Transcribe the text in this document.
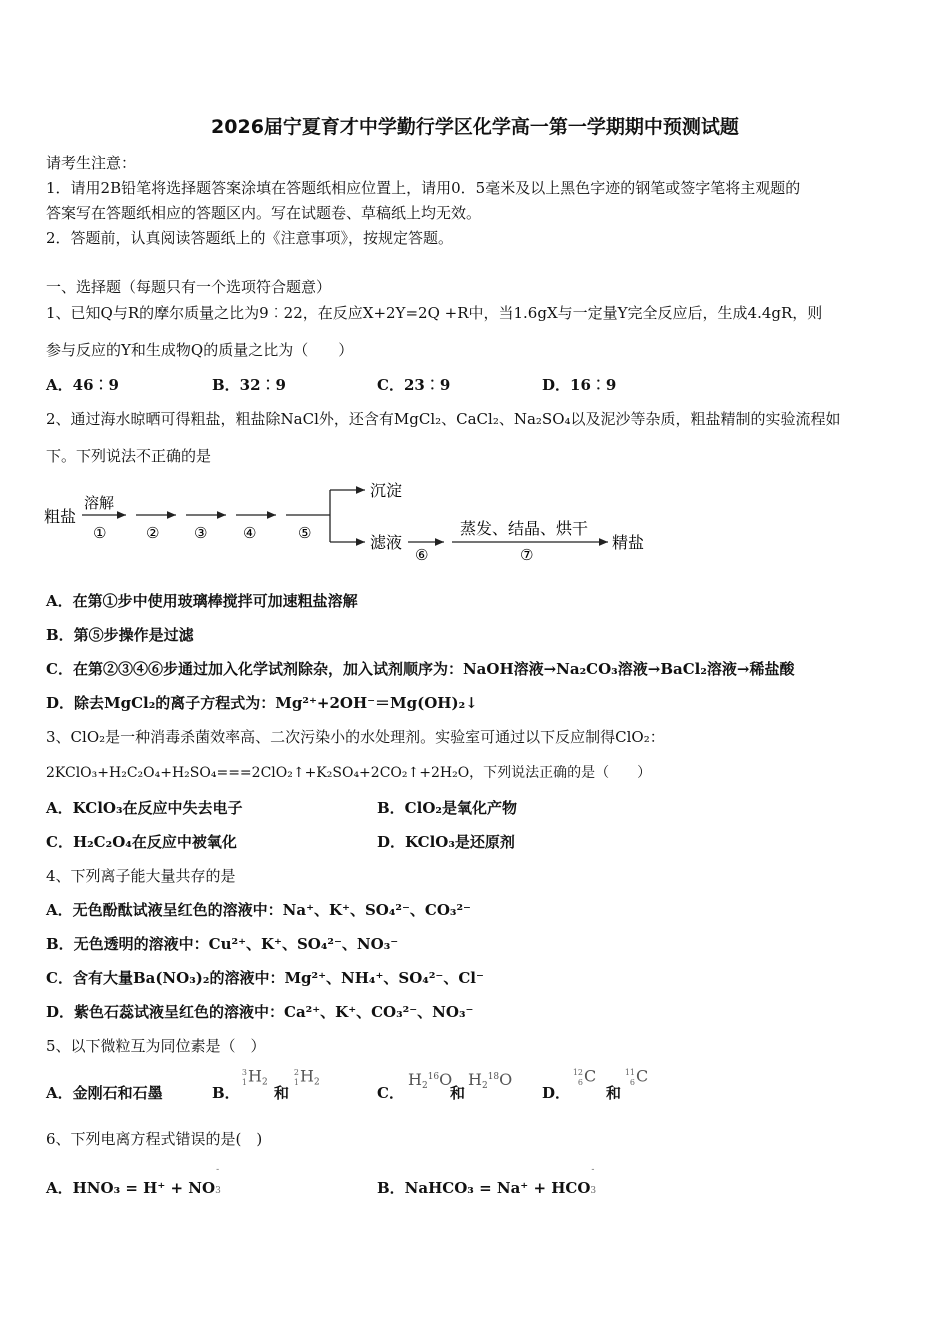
2026届宁夏育才中学勤行学区化学高一第一学期期中预测试题
请考生注意：
1．请用2B铅笔将选择题答案涂填在答题纸相应位置上，请用0．5毫米及以上黑色字迹的钢笔或签字笔将主观题的
答案写在答题纸相应的答题区内。写在试题卷、草稿纸上均无效。
2．答题前，认真阅读答题纸上的《注意事项》，按规定答题。
一、选择题（每题只有一个选项符合题意）
1、已知Q与R的摩尔质量之比为9︰22，在反应X+2Y=2Q +R中，当1.6gX与一定量Y完全反应后，生成4.4gR，则
参与反应的Y和生成物Q的质量之比为（　　）
A．46︰9	B．32︰9	C．23︰9	D．16︰9
2、通过海水晾晒可得粗盐，粗盐除NaCl外，还含有MgCl₂、CaCl₂、Na₂SO₄以及泥沙等杂质，粗盐精制的实验流程如
下。下列说法不正确的是
粗盐
溶解
①	② ③ ④	⑤
沉淀
滤液
⑥
蒸发、结晶、烘干
⑦
精盐
A．在第①步中使用玻璃棒搅拌可加速粗盐溶解
B．第⑤步操作是过滤
C．在第②③④⑥步通过加入化学试剂除杂，加入试剂顺序为：NaOH溶液→Na₂CO₃溶液→BaCl₂溶液→稀盐酸
D．除去MgCl₂的离子方程式为：Mg²⁺+2OH⁻＝Mg(OH)₂↓
3、ClO₂是一种消毒杀菌效率高、二次污染小的水处理剂。实验室可通过以下反应制得ClO₂：
2KClO₃+H₂C₂O₄+H₂SO₄===2ClO₂↑+K₂SO₄+2CO₂↑+2H₂O，下列说法正确的是（　　）
A．KClO₃在反应中失去电子	B．ClO₂是氧化产物
C．H₂C₂O₄在反应中被氧化	D．KClO₃是还原剂
4、下列离子能大量共存的是
A．无色酚酞试液呈红色的溶液中：Na⁺、K⁺、SO₄²⁻、CO₃²⁻
B．无色透明的溶液中：Cu²⁺、K⁺、SO₄²⁻、NO₃⁻
C．含有大量Ba(NO₃)₂的溶液中：Mg²⁺、NH₄⁺、SO₄²⁻、Cl⁻
D．紫色石蕊试液呈红色的溶液中：Ca²⁺、K⁺、CO₃²⁻、NO₃⁻
5、以下微粒互为同位素是（　）
A．金刚石和石墨	B．
3
1 $H_2$
和
2
1 $H_2$
C．
$H_2^{16}O$
和
$H_2^{18}O$
D．
12
6 C
和
11
6 C
6、下列电离方程式错误的是(　)
A．HNO₃ = H⁺ + NO
-
3	B．NaHCO₃ = Na⁺ + HCO
-
3
